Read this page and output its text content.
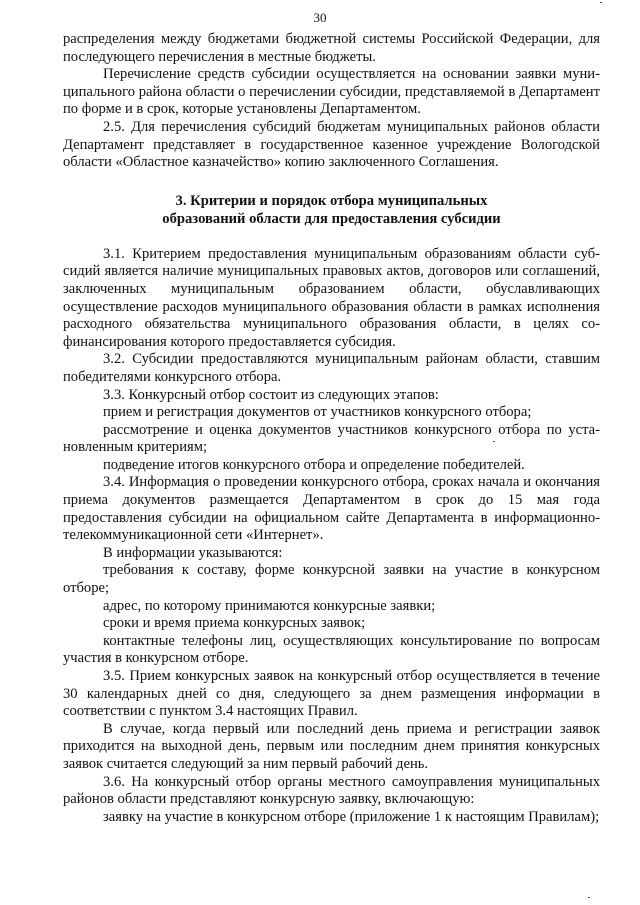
30

распределения между бюджетами бюджетной системы Российской Федерации, для последующего перечисления в местные бюджеты.

Перечисление средств субсидии осуществляется на основании заявки муниципального района области о перечислении субсидии, представляемой в Департамент по форме и в срок, которые установлены Департаментом.

2.5. Для перечисления субсидий бюджетам муниципальных районов области Департамент представляет в государственное казенное учреждение Вологодской области «Областное казначейство» копию заключенного Соглашения.

3. Критерии и порядок отбора муниципальных
образований области для предоставления субсидии

3.1. Критерием предоставления муниципальным образованиям области субсидий является наличие муниципальных правовых актов, договоров или соглашений, заключенных муниципальным образованием области, обуславливающих осуществление расходов муниципального образования области в рамках исполнения расходного обязательства муниципального образования области, в целях софинансирования которого предоставляется субсидия.

3.2. Субсидии предоставляются муниципальным районам области, ставшим победителями конкурсного отбора.

3.3. Конкурсный отбор состоит из следующих этапов:

прием и регистрация документов от участников конкурсного отбора;

рассмотрение и оценка документов участников конкурсного отбора по установленным критериям;

подведение итогов конкурсного отбора и определение победителей.

3.4. Информация о проведении конкурсного отбора, сроках начала и окончания приема документов размещается Департаментом в срок до 15 мая года предоставления субсидии на официальном сайте Департамента в информационно-телекоммуникационной сети «Интернет».

В информации указываются:

требования к составу, форме конкурсной заявки на участие в конкурсном отборе;

адрес, по которому принимаются конкурсные заявки;

сроки и время приема конкурсных заявок;

контактные телефоны лиц, осуществляющих консультирование по вопросам участия в конкурсном отборе.

3.5. Прием конкурсных заявок на конкурсный отбор осуществляется в течение 30 календарных дней со дня, следующего за днем размещения информации в соответствии с пунктом 3.4 настоящих Правил.

В случае, когда первый или последний день приема и регистрации заявок приходится на выходной день, первым или последним днем принятия конкурсных заявок считается следующий за ним первый рабочий день.

3.6. На конкурсный отбор органы местного самоуправления муниципальных районов области представляют конкурсную заявку, включающую:

заявку на участие в конкурсном отборе (приложение 1 к настоящим Правилам);
